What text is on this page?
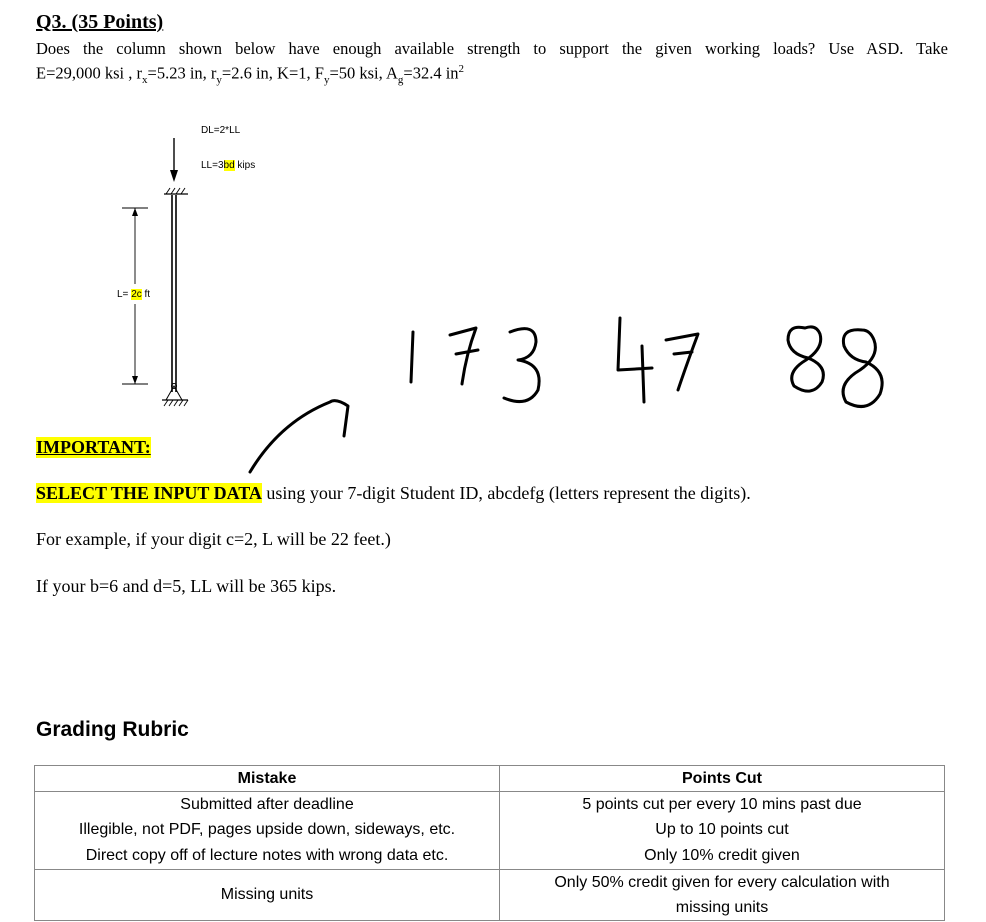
Q3. (35 Points)
Does the column shown below have enough available strength to support the given working loads? Use ASD. Take
E=29,000 ksi , $r_x=5.23$ in, $r_y=2.6$ in, K=1, $F_y=50$ ksi, $A_g=32.4$ $in^2$
DL=2*LL
LL=3bd kips
L= 2c ft
IMPORTANT:
SELECT THE INPUT DATA using your 7-digit Student ID, abcdefg (letters represent the digits).
For example, if your digit c=2, L will be 22 feet.)
If your b=6 and d=5, LL will be 365 kips.
Grading Rubric
Mistake	Points Cut
Submitted after deadline	5 points cut per every 10 mins past due
Illegible, not PDF, pages upside down, sideways, etc.	Up to 10 points cut
Direct copy off of lecture notes with wrong data etc.	Only 10% credit given
Missing units	Only 50% credit given for every calculation with
missing units
